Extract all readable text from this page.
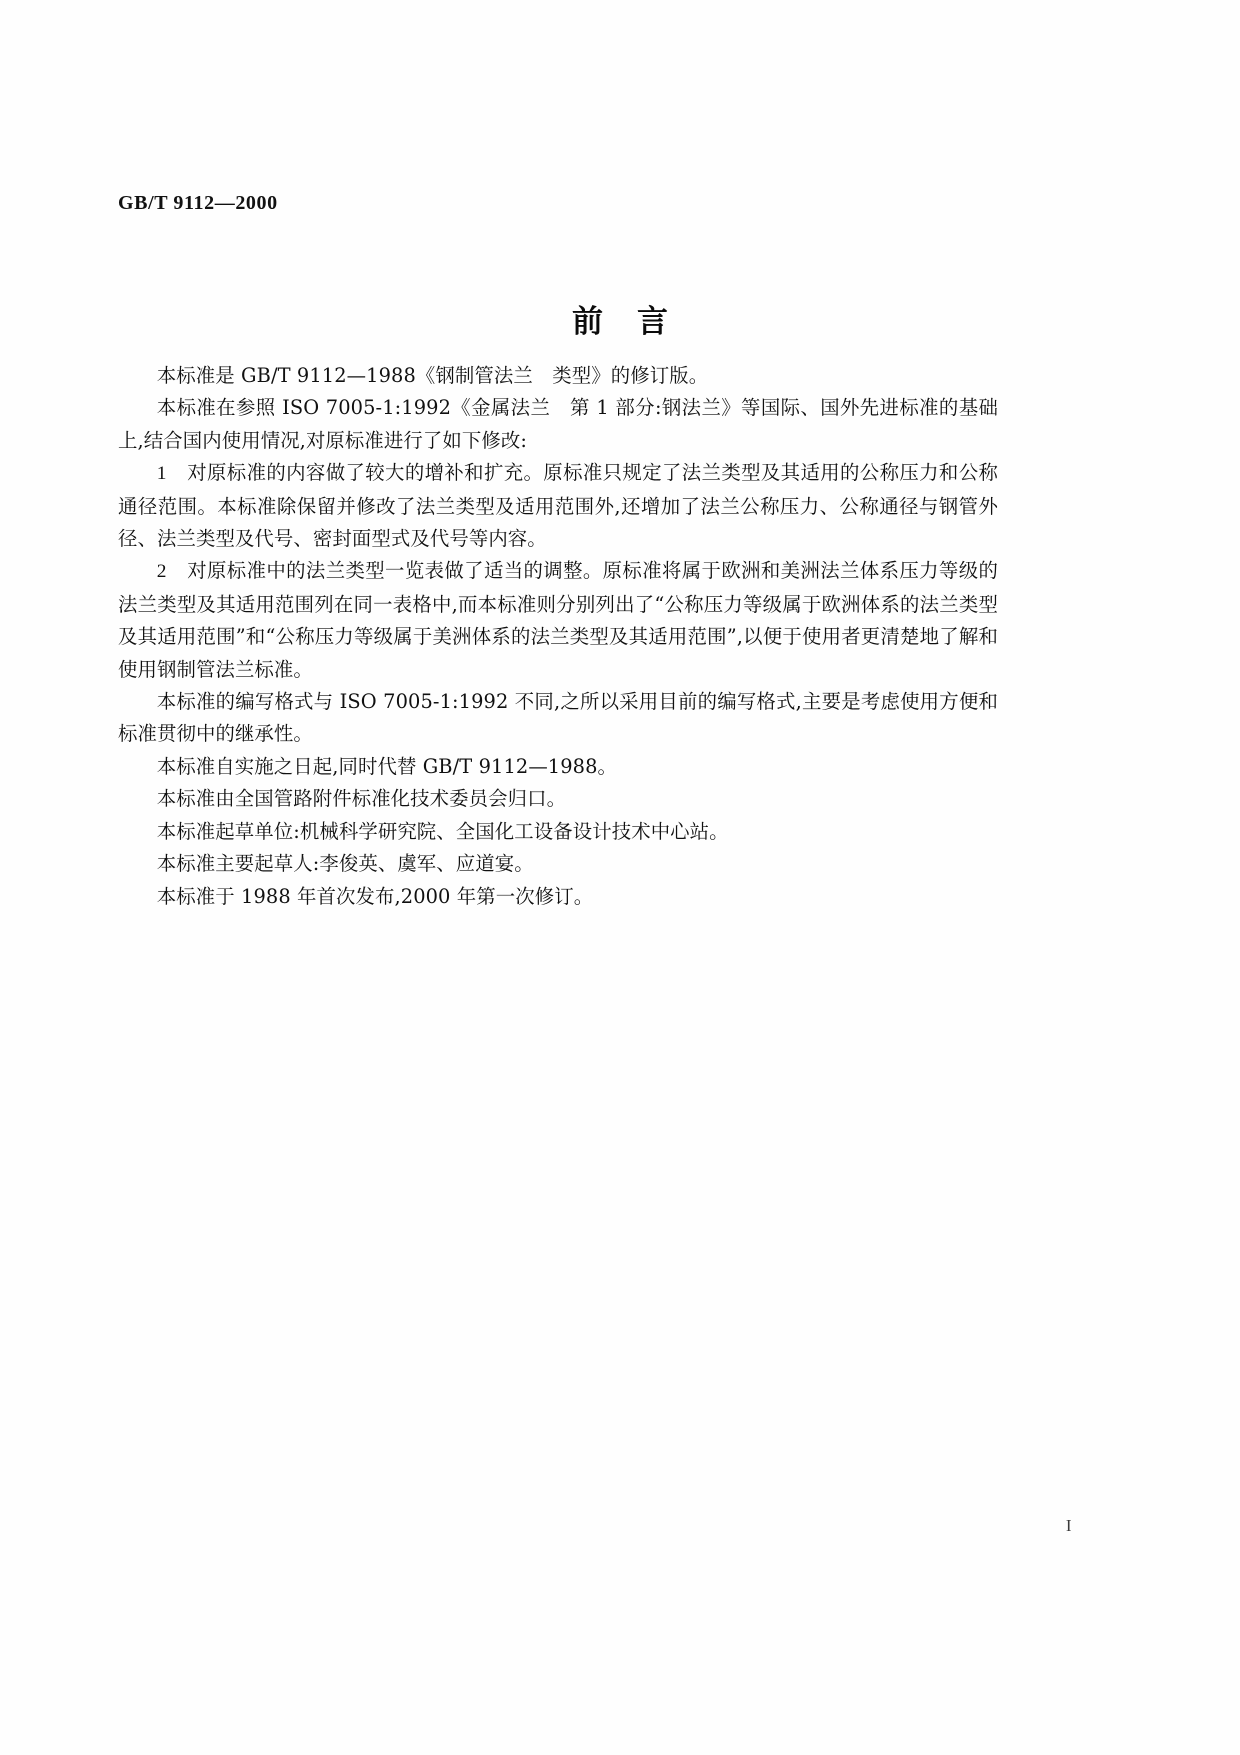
GB/T 9112—2000
前言

本标准是 GB/T 9112—1988《钢制管法兰　类型》的修订版。

本标准在参照 ISO 7005-1:1992《金属法兰　第 1 部分:钢法兰》等国际、国外先进标准的基础上,结合国内使用情况,对原标准进行了如下修改:

1 对原标准的内容做了较大的增补和扩充。原标准只规定了法兰类型及其适用的公称压力和公称通径范围。本标准除保留并修改了法兰类型及适用范围外,还增加了法兰公称压力、公称通径与钢管外径、法兰类型及代号、密封面型式及代号等内容。

2 对原标准中的法兰类型一览表做了适当的调整。原标准将属于欧洲和美洲法兰体系压力等级的法兰类型及其适用范围列在同一表格中,而本标准则分别列出了“公称压力等级属于欧洲体系的法兰类型及其适用范围”和“公称压力等级属于美洲体系的法兰类型及其适用范围”,以便于使用者更清楚地了解和使用钢制管法兰标准。

本标准的编写格式与 ISO 7005-1:1992 不同,之所以采用目前的编写格式,主要是考虑使用方便和标准贯彻中的继承性。

本标准自实施之日起,同时代替 GB/T 9112—1988。

本标准由全国管路附件标准化技术委员会归口。

本标准起草单位:机械科学研究院、全国化工设备设计技术中心站。

本标准主要起草人:李俊英、虞军、应道宴。

本标准于 1988 年首次发布,2000 年第一次修订。

I
